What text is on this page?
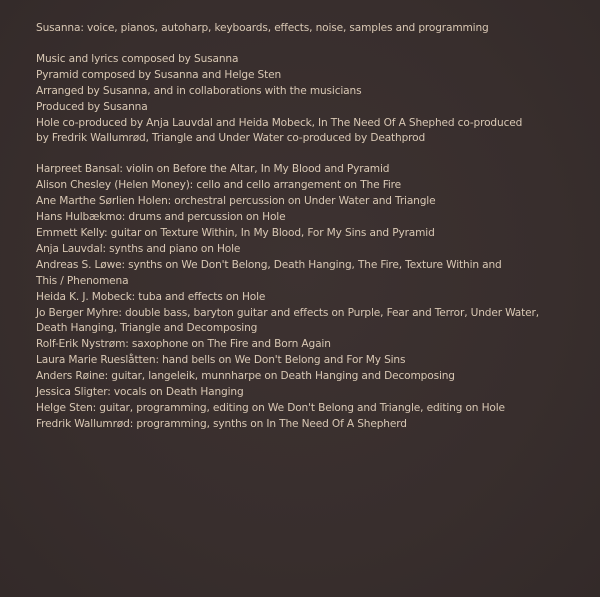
Susanna: voice, pianos, autoharp, keyboards, effects, noise, samples and programming
Music and lyrics composed by Susanna
Pyramid composed by Susanna and Helge Sten
Arranged by Susanna, and in collaborations with the musicians
Produced by Susanna
Hole co-produced by Anja Lauvdal and Heida Mobeck, In The Need Of A Shephed co-produced
by Fredrik Wallumrød, Triangle and Under Water co-produced by Deathprod
Harpreet Bansal: violin on Before the Altar, In My Blood and Pyramid
Alison Chesley (Helen Money): cello and cello arrangement on The Fire
Ane Marthe Sørlien Holen: orchestral percussion on Under Water and Triangle
Hans Hulbækmo: drums and percussion on Hole
Emmett Kelly: guitar on Texture Within, In My Blood, For My Sins and Pyramid
Anja Lauvdal: synths and piano on Hole
Andreas S. Løwe: synths on We Don't Belong, Death Hanging, The Fire, Texture Within and
This / Phenomena
Heida K. J. Mobeck: tuba and effects on Hole
Jo Berger Myhre: double bass, baryton guitar and effects on Purple, Fear and Terror, Under Water,
Death Hanging, Triangle and Decomposing
Rolf-Erik Nystrøm: saxophone on The Fire and Born Again
Laura Marie Rueslåtten: hand bells on We Don't Belong and For My Sins
Anders Røine: guitar, langeleik, munnharpe on Death Hanging and Decomposing
Jessica Sligter: vocals on Death Hanging
Helge Sten: guitar, programming, editing on We Don't Belong and Triangle, editing on Hole
Fredrik Wallumrød: programming, synths on In The Need Of A Shepherd
